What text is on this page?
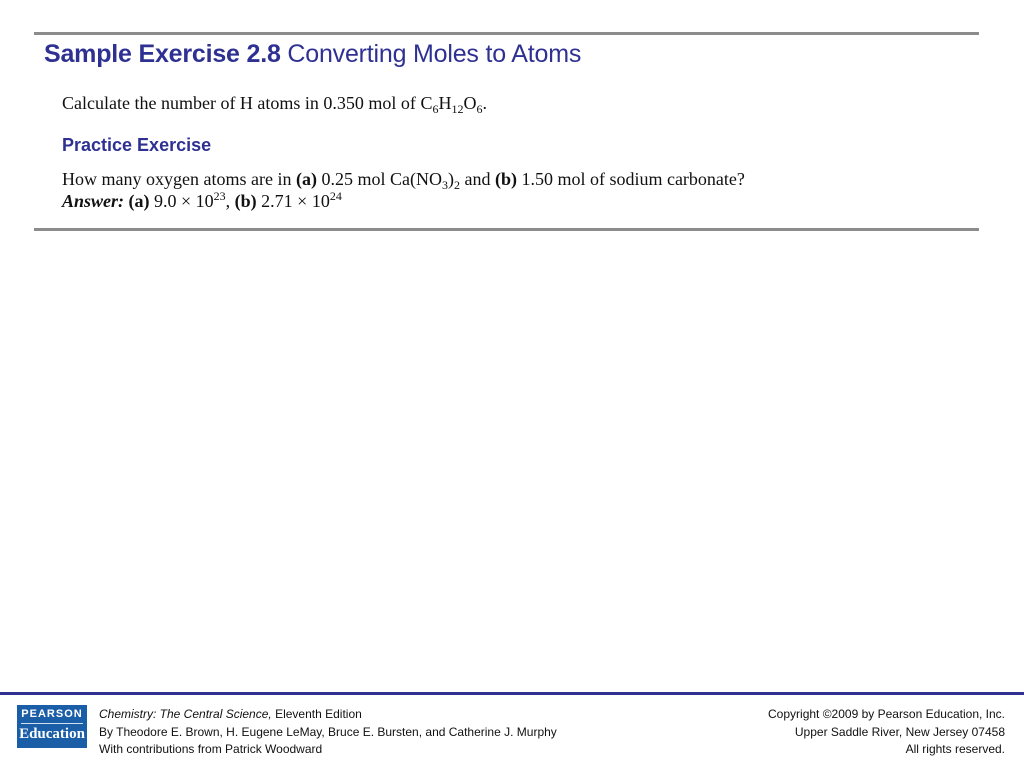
Sample Exercise 2.8 Converting Moles to Atoms
Calculate the number of H atoms in 0.350 mol of $C_6H_{12}O_6$.
Practice Exercise
How many oxygen atoms are in (a) 0.25 mol $Ca(NO_3)_2$ and (b) 1.50 mol of sodium carbonate?
Answer: (a) $9.0 \times 10^{23}$, (b) $2.71 \times 10^{24}$
PEARSON
Education
Chemistry: The Central Science, Eleventh Edition
By Theodore E. Brown, H. Eugene LeMay, Bruce E. Bursten, and Catherine J. Murphy
With contributions from Patrick Woodward
Copyright ©2009 by Pearson Education, Inc.
Upper Saddle River, New Jersey 07458
All rights reserved.
